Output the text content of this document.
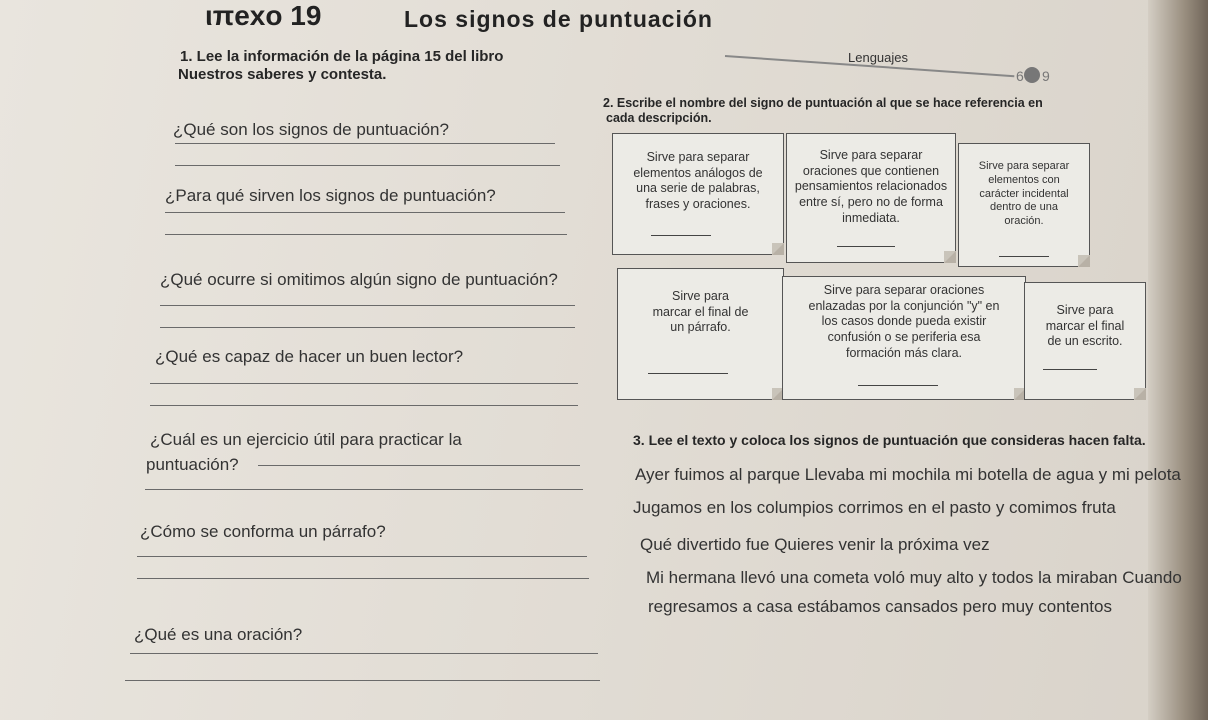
ιπexo 19	Los signos de puntuación
Lenguajes
6 9
1. Lee la información de la página 15 del libro
Nuestros saberes y contesta.
¿Qué son los signos de puntuación?
¿Para qué sirven los signos de puntuación?
¿Qué ocurre si omitimos algún signo de puntuación?
¿Qué es capaz de hacer un buen lector?
¿Cuál es un ejercicio útil para practicar la
puntuación?
¿Cómo se conforma un párrafo?
¿Qué es una oración?
2. Escribe el nombre del signo de puntuación al que se hace referencia en
cada descripción.
Sirve para separar
elementos análogos de
una serie de palabras,
frases y oraciones.
Sirve para separar
oraciones que contienen
pensamientos relacionados
entre sí, pero no de forma
inmediata.
Sirve para separar
elementos con
carácter incidental
dentro de una
oración.
Sirve para
marcar el final de
un párrafo.
Sirve para separar oraciones
enlazadas por la conjunción "y" en
los casos donde pueda existir
confusión o se periferia esa
formación más clara.
Sirve para
marcar el final
de un escrito.
3. Lee el texto y coloca los signos de puntuación que consideras hacen falta.
Ayer fuimos al parque Llevaba mi mochila mi botella de agua y mi pelota
Jugamos en los columpios corrimos en el pasto y comimos fruta
Qué divertido fue Quieres venir la próxima vez
Mi hermana llevó una cometa voló muy alto y todos la miraban Cuando
regresamos a casa estábamos cansados pero muy contentos
